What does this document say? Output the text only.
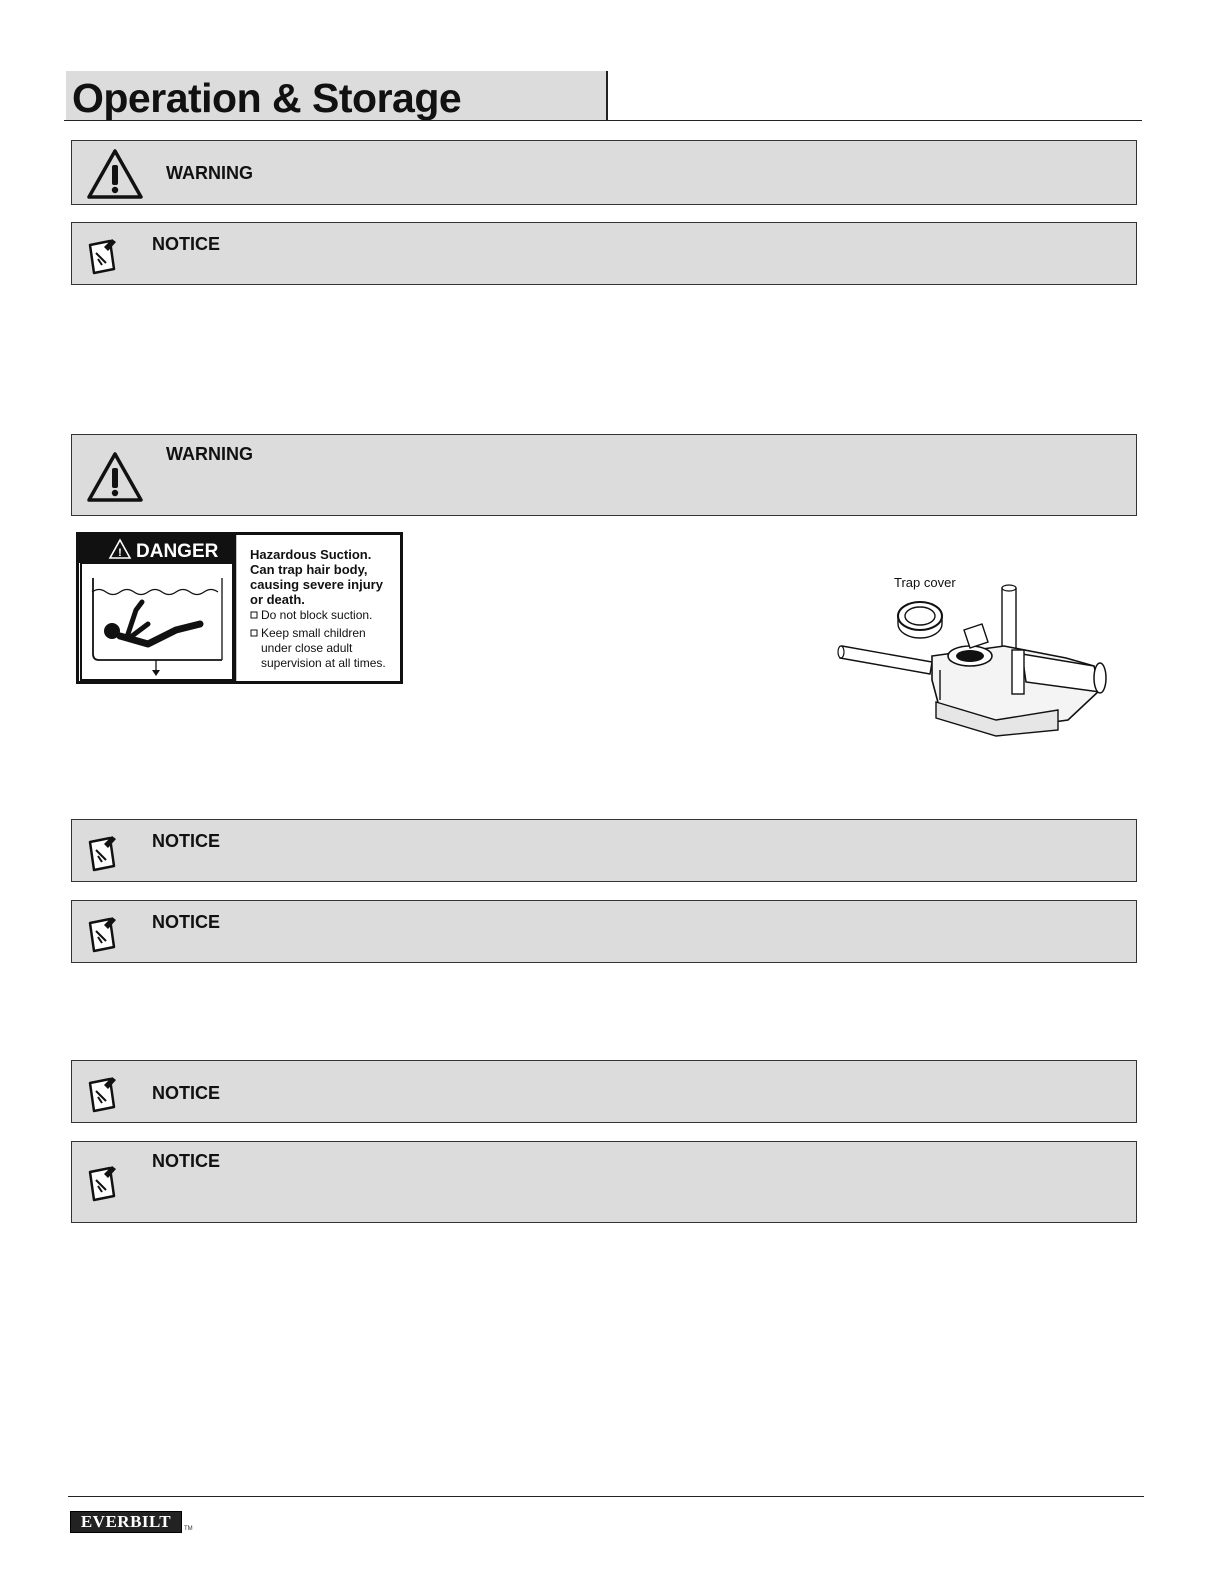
Operation & Storage
WARNING
NOTICE
WARNING
! DANGER Hazardous Suction.
Can trap hair body,
causing severe injury
or death.
Do not block suction.
Keep small children
under close adult
supervision at all times.
Trap cover
NOTICE
NOTICE
NOTICE
NOTICE
EVERBILT	TM
